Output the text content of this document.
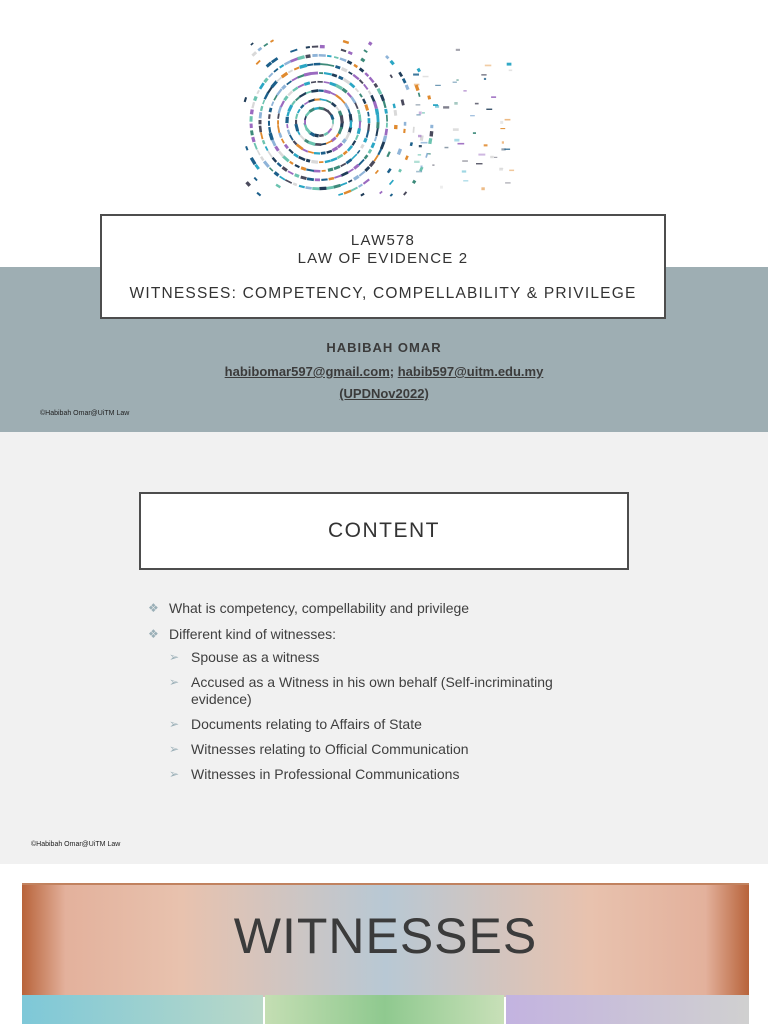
LAW578
LAW OF EVIDENCE 2
WITNESSES: COMPETENCY, COMPELLABILITY & PRIVILEGE
HABIBAH OMAR
habibomar597@gmail.com; habib597@uitm.edu.my
(UPDNov2022)
©Habibah Omar@UiTM Law
CONTENT
❖ What is competency, compellability and privilege
❖ Different kind of witnesses:
➢ Spouse as a witness
➢ Accused as a Witness in his own behalf (Self-incriminating evidence)
➢ Documents relating to Affairs of State
➢ Witnesses relating to Official Communication
➢ Witnesses in Professional Communications
©Habibah Omar@UiTM Law
WITNESSES
